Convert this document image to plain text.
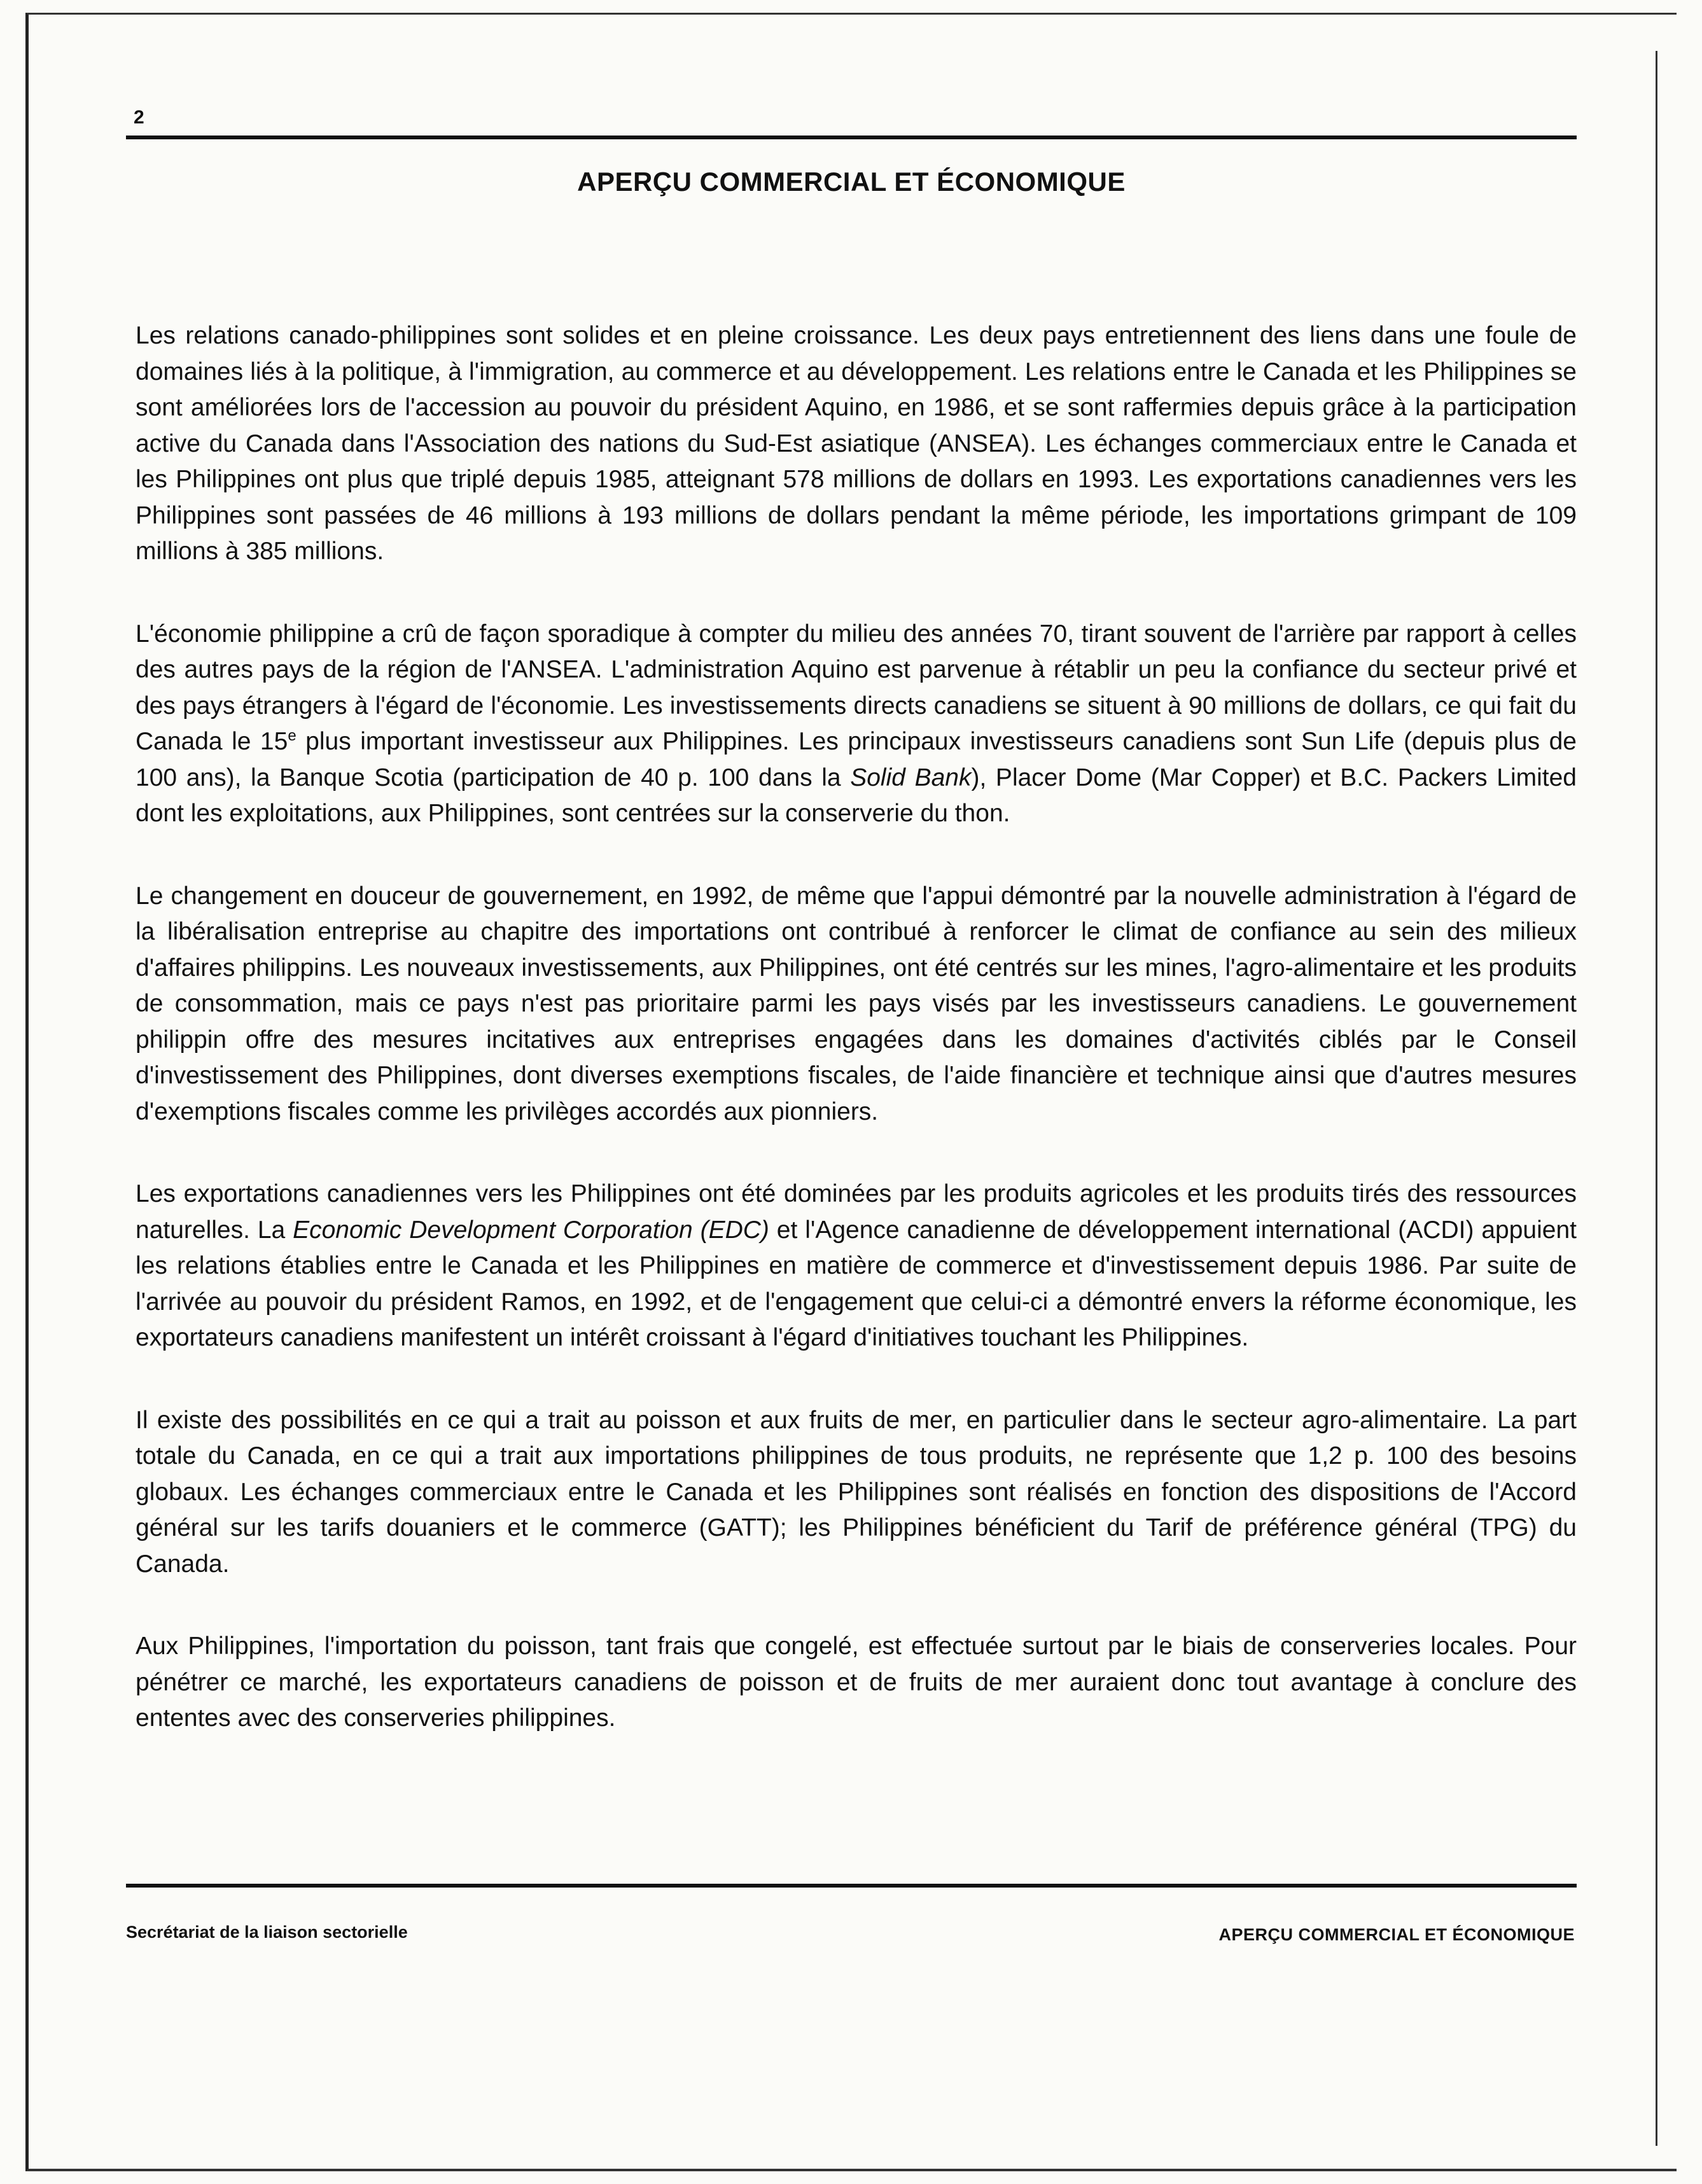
2
APERÇU COMMERCIAL ET ÉCONOMIQUE

Les relations canado-philippines sont solides et en pleine croissance. Les deux pays entretiennent des liens dans une foule de domaines liés à la politique, à l'immigration, au commerce et au développement. Les relations entre le Canada et les Philippines se sont améliorées lors de l'accession au pouvoir du président Aquino, en 1986, et se sont raffermies depuis grâce à la participation active du Canada dans l'Association des nations du Sud-Est asiatique (ANSEA). Les échanges commerciaux entre le Canada et les Philippines ont plus que triplé depuis 1985, atteignant 578 millions de dollars en 1993. Les exportations canadiennes vers les Philippines sont passées de 46 millions à 193 millions de dollars pendant la même période, les importations grimpant de 109 millions à 385 millions.

L'économie philippine a crû de façon sporadique à compter du milieu des années 70, tirant souvent de l'arrière par rapport à celles des autres pays de la région de l'ANSEA. L'administration Aquino est parvenue à rétablir un peu la confiance du secteur privé et des pays étrangers à l'égard de l'économie. Les investissements directs canadiens se situent à 90 millions de dollars, ce qui fait du Canada le 15e plus important investisseur aux Philippines. Les principaux investisseurs canadiens sont Sun Life (depuis plus de 100 ans), la Banque Scotia (participation de 40 p. 100 dans la Solid Bank), Placer Dome (Mar Copper) et B.C. Packers Limited dont les exploitations, aux Philippines, sont centrées sur la conserverie du thon.

Le changement en douceur de gouvernement, en 1992, de même que l'appui démontré par la nouvelle administration à l'égard de la libéralisation entreprise au chapitre des importations ont contribué à renforcer le climat de confiance au sein des milieux d'affaires philippins. Les nouveaux investissements, aux Philippines, ont été centrés sur les mines, l'agro-alimentaire et les produits de consommation, mais ce pays n'est pas prioritaire parmi les pays visés par les investisseurs canadiens. Le gouvernement philippin offre des mesures incitatives aux entreprises engagées dans les domaines d'activités ciblés par le Conseil d'investissement des Philippines, dont diverses exemptions fiscales, de l'aide financière et technique ainsi que d'autres mesures d'exemptions fiscales comme les privilèges accordés aux pionniers.

Les exportations canadiennes vers les Philippines ont été dominées par les produits agricoles et les produits tirés des ressources naturelles. La Economic Development Corporation (EDC) et l'Agence canadienne de développement international (ACDI) appuient les relations établies entre le Canada et les Philippines en matière de commerce et d'investissement depuis 1986. Par suite de l'arrivée au pouvoir du président Ramos, en 1992, et de l'engagement que celui-ci a démontré envers la réforme économique, les exportateurs canadiens manifestent un intérêt croissant à l'égard d'initiatives touchant les Philippines.

Il existe des possibilités en ce qui a trait au poisson et aux fruits de mer, en particulier dans le secteur agro-alimentaire. La part totale du Canada, en ce qui a trait aux importations philippines de tous produits, ne représente que 1,2 p. 100 des besoins globaux. Les échanges commerciaux entre le Canada et les Philippines sont réalisés en fonction des dispositions de l'Accord général sur les tarifs douaniers et le commerce (GATT); les Philippines bénéficient du Tarif de préférence général (TPG) du Canada.

Aux Philippines, l'importation du poisson, tant frais que congelé, est effectuée surtout par le biais de conserveries locales. Pour pénétrer ce marché, les exportateurs canadiens de poisson et de fruits de mer auraient donc tout avantage à conclure des ententes avec des conserveries philippines.

Secrétariat de la liaison sectorielle	APERÇU COMMERCIAL ET ÉCONOMIQUE
